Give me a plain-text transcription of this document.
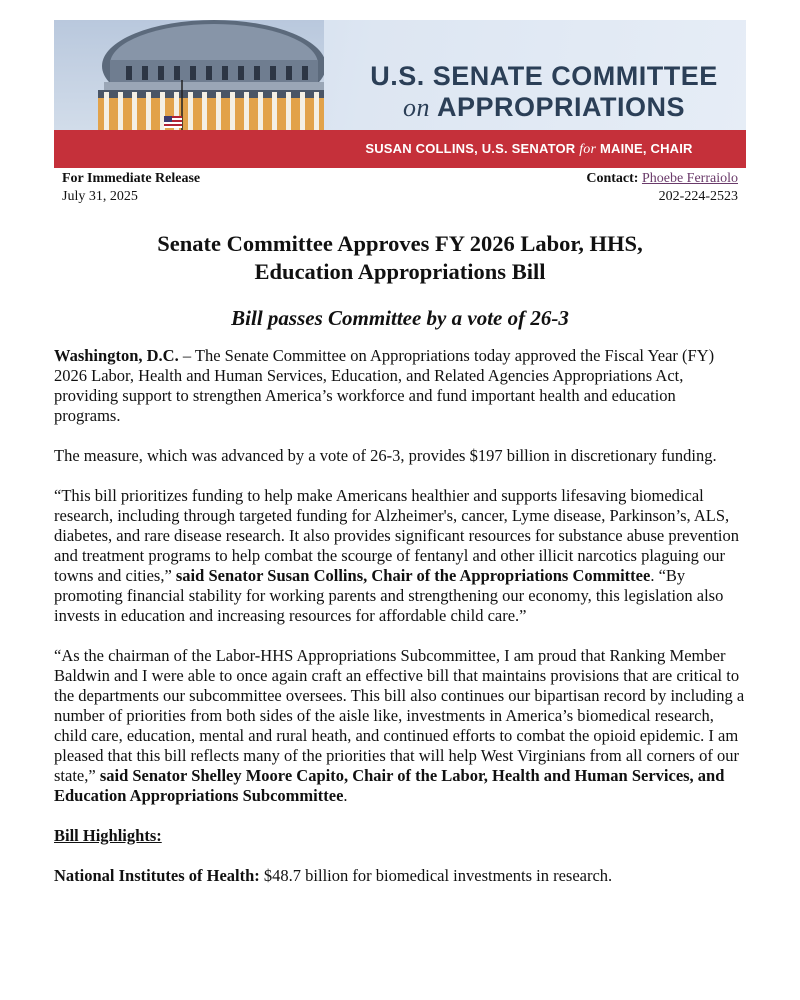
U.S. SENATE COMMITTEE
on APPROPRIATIONS
SUSAN COLLINS, U.S. SENATOR for MAINE, CHAIR
For Immediate Release
July 31, 2025
Contact: Phoebe Ferraiolo
202-224-2523
Senate Committee Approves FY 2026 Labor, HHS,
Education Appropriations Bill
Bill passes Committee by a vote of 26-3

Washington, D.C. – The Senate Committee on Appropriations today approved the Fiscal Year (FY) 2026 Labor, Health and Human Services, Education, and Related Agencies Appropriations Act, providing support to strengthen America’s workforce and fund important health and education programs.

The measure, which was advanced by a vote of 26-3, provides $197 billion in discretionary funding.

“This bill prioritizes funding to help make Americans healthier and supports lifesaving biomedical research, including through targeted funding for Alzheimer's, cancer, Lyme disease, Parkinson’s, ALS, diabetes, and rare disease research. It also provides significant resources for substance abuse prevention and treatment programs to help combat the scourge of fentanyl and other illicit narcotics plaguing our towns and cities,” said Senator Susan Collins, Chair of the Appropriations Committee. “By promoting financial stability for working parents and strengthening our economy, this legislation also invests in education and increasing resources for affordable child care.”

“As the chairman of the Labor-HHS Appropriations Subcommittee, I am proud that Ranking Member Baldwin and I were able to once again craft an effective bill that maintains provisions that are critical to the departments our subcommittee oversees. This bill also continues our bipartisan record by including a number of priorities from both sides of the aisle like, investments in America’s biomedical research, child care, education, mental and rural heath, and continued efforts to combat the opioid epidemic. I am pleased that this bill reflects many of the priorities that will help West Virginians from all corners of our state,” said Senator Shelley Moore Capito, Chair of the Labor, Health and Human Services, and Education Appropriations Subcommittee.

Bill Highlights:

National Institutes of Health: $48.7 billion for biomedical investments in research.
